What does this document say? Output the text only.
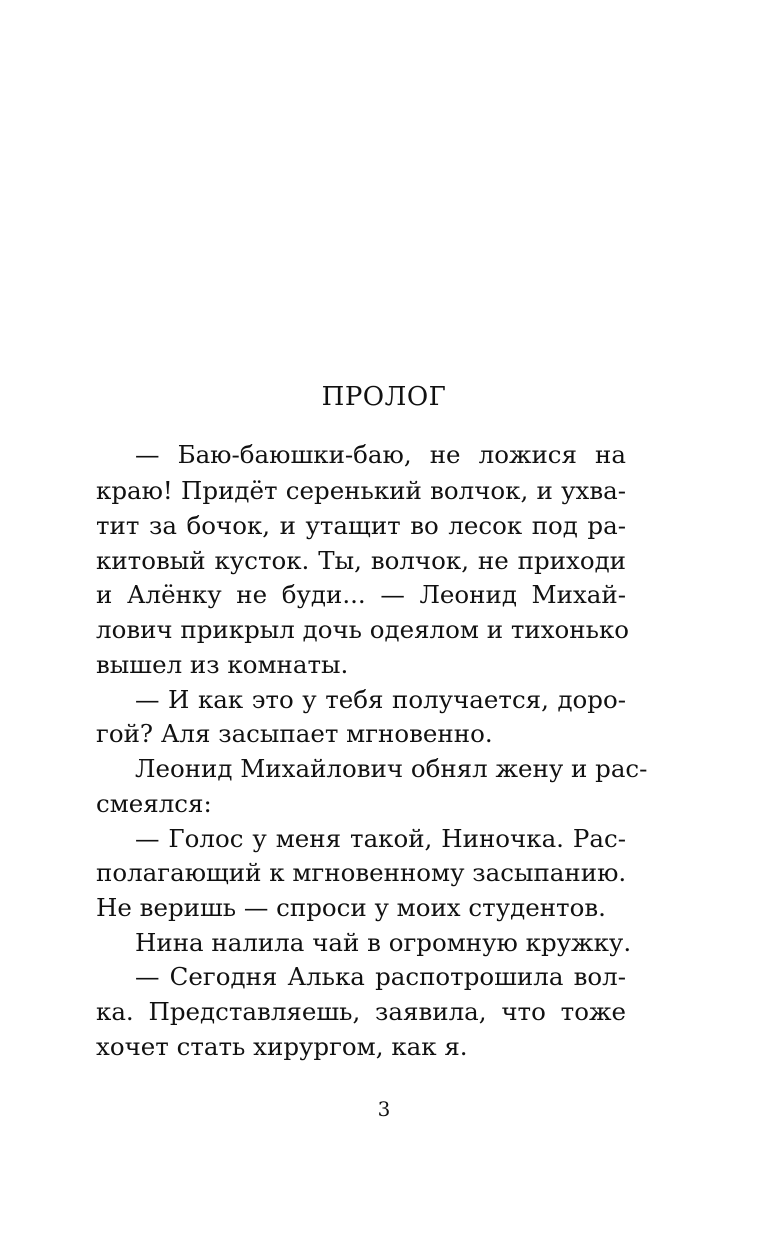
ПРОЛОГ
— Баю-баюшки-баю, не ложися на
краю! Придёт серенький волчок, и ухва-
тит за бочок, и утащит во лесок под ра-
китовый кусток. Ты, волчок, не приходи
и Алёнку не буди... — Леонид Михай-
лович прикрыл дочь одеялом и тихонько
вышел из комнаты.
— И как это у тебя получается, доро-
гой? Аля засыпает мгновенно.
Леонид Михайлович обнял жену и рас-
смеялся:
— Голос у меня такой, Ниночка. Рас-
полагающий к мгновенному засыпанию.
Не веришь — спроси у моих студентов.
Нина налила чай в огромную кружку.
— Сегодня Алька распотрошила вол-
ка. Представляешь, заявила, что тоже
хочет стать хирургом, как я.
3
